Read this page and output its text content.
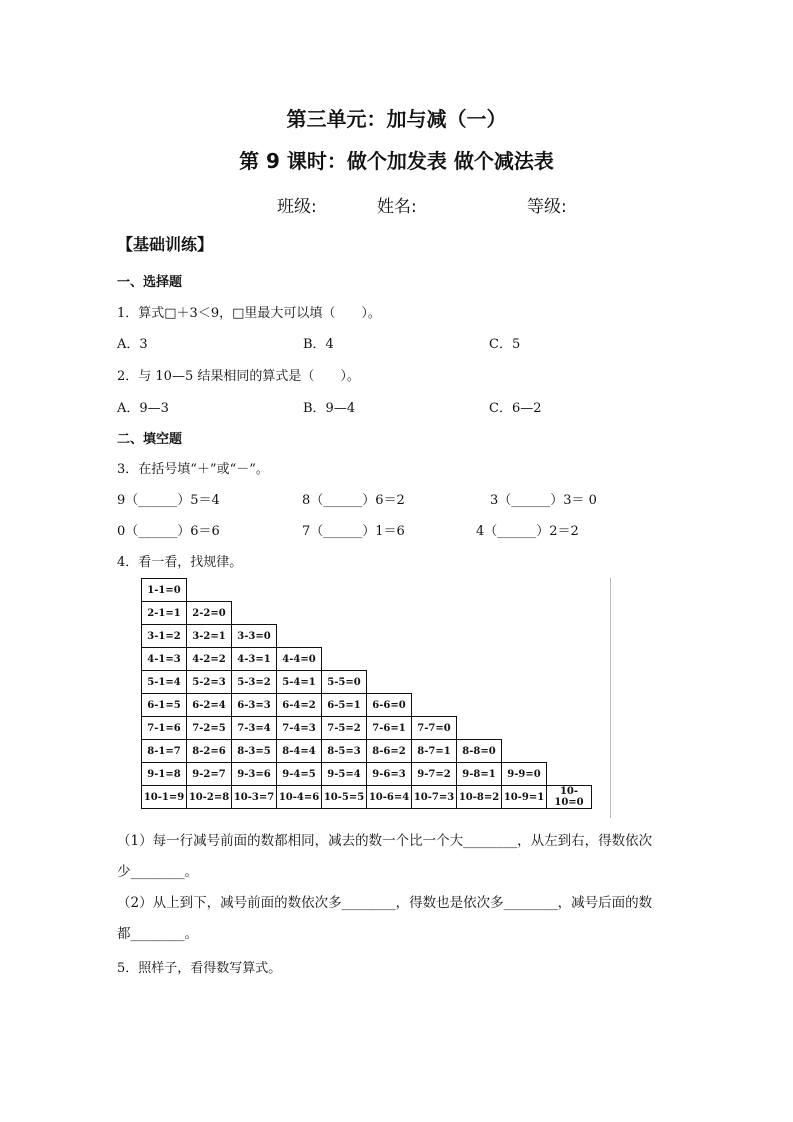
第三单元：加与减（一）
第 9 课时：做个加发表 做个减法表
班级:	姓名:	等级:
【基础训练】
一、选择题
1．算式□＋3＜9，□里最大可以填（　　）。
A．3	B．4	C．5
2．与 10—5 结果相同的算式是（　　）。
A．9—3	B．9—4	C．6—2
二、填空题
3．在括号填“＋”或“－”。
9（______）5＝4	8（______）6＝2	3（______）3＝ 0
0（______）6＝6	7（______）1＝6	4（______）2＝2
4．看一看，找规律。
1-1=0									
2-1=1	2-2=0								
3-1=2	3-2=1	3-3=0							
4-1=3	4-2=2	4-3=1	4-4=0						
5-1=4	5-2=3	5-3=2	5-4=1	5-5=0					
6-1=5	6-2=4	6-3=3	6-4=2	6-5=1	6-6=0				
7-1=6	7-2=5	7-3=4	7-4=3	7-5=2	7-6=1	7-7=0			
8-1=7	8-2=6	8-3=5	8-4=4	8-5=3	8-6=2	8-7=1	8-8=0		
9-1=8	9-2=7	9-3=6	9-4=5	9-5=4	9-6=3	9-7=2	9-8=1	9-9=0	
10-1=9	10-2=8	10-3=7	10-4=6	10-5=5	10-6=4	10-7=3	10-8=2	10-9=1	10-10=0
（1）每一行减号前面的数都相同，减去的数一个比一个大________，从左到右，得数依次
少________。
（2）从上到下，减号前面的数依次多________，得数也是依次多________，减号后面的数
都________。
5．照样子，看得数写算式。
